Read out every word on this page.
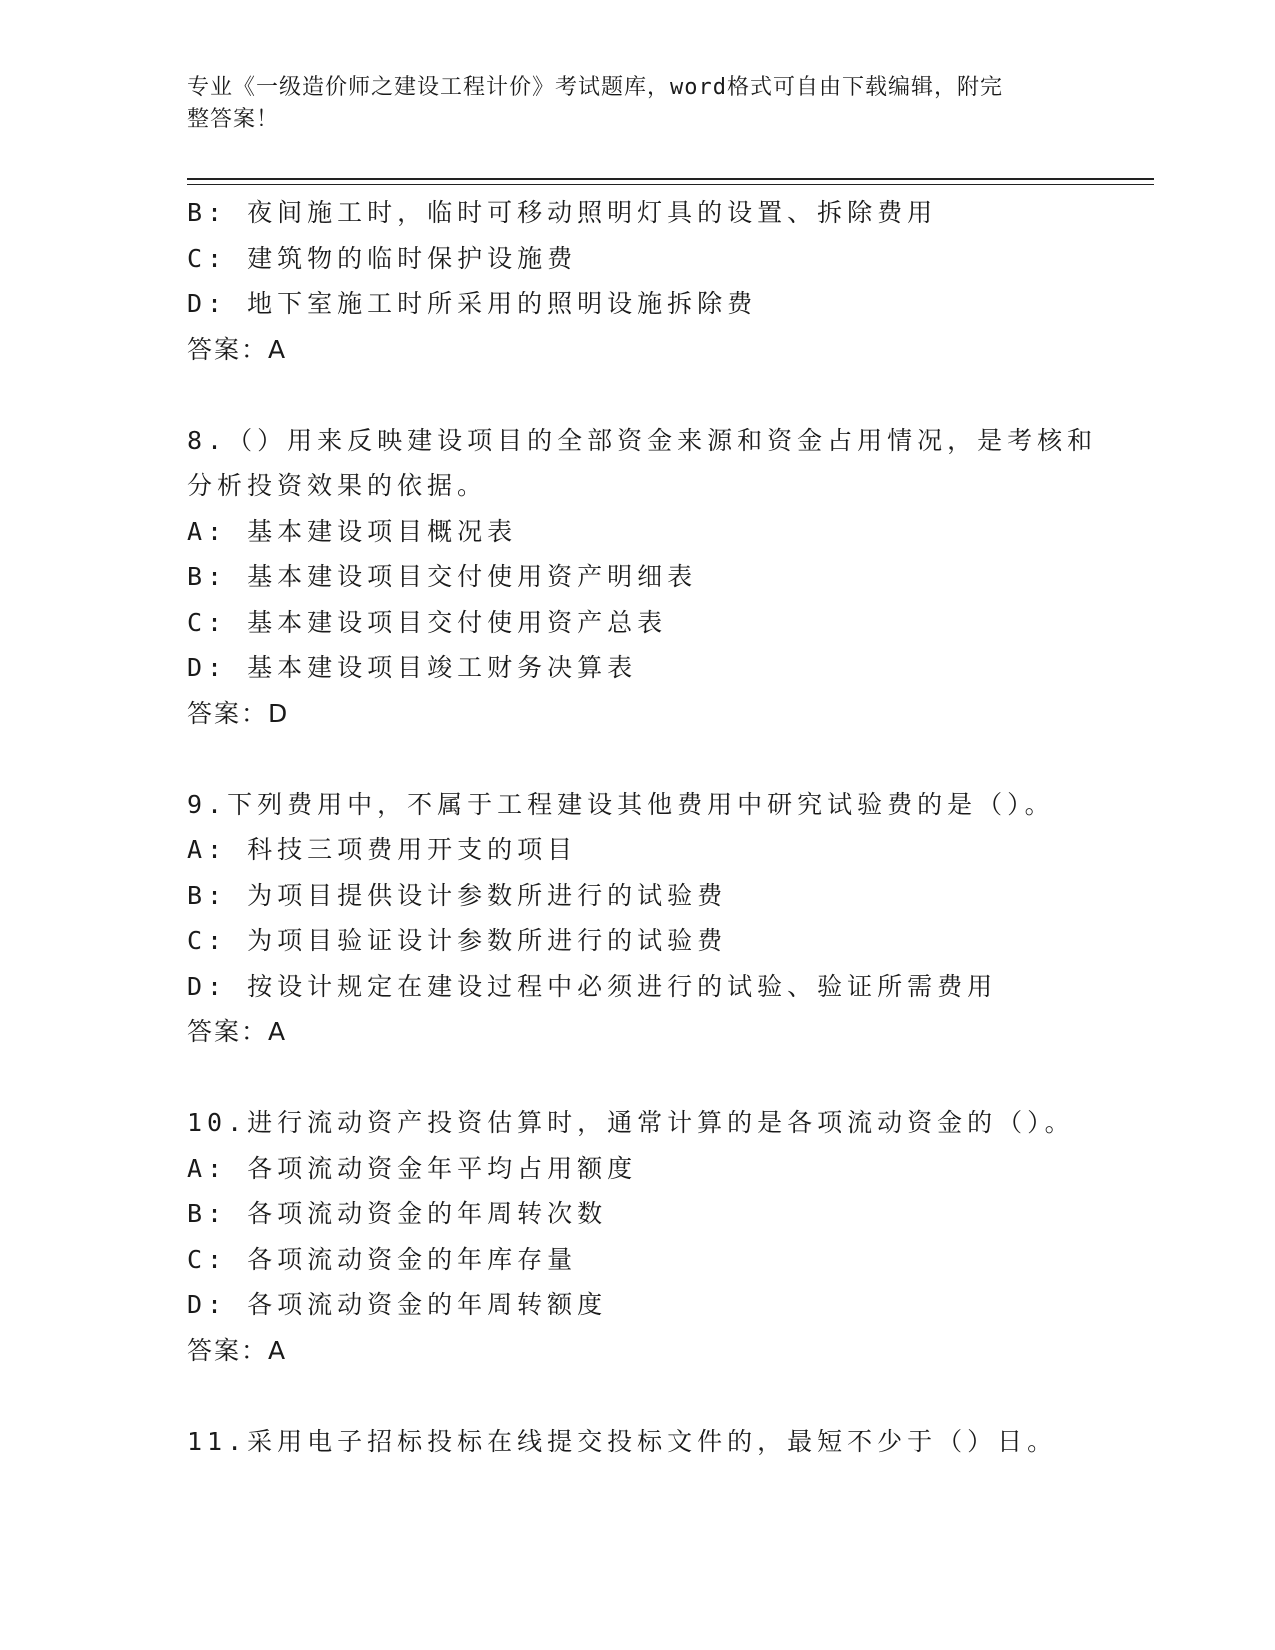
专业《一级造价师之建设工程计价》考试题库，word格式可自由下载编辑，附完
整答案！
B: 夜间施工时，临时可移动照明灯具的设置、拆除费用
C: 建筑物的临时保护设施费
D: 地下室施工时所采用的照明设施拆除费
答案：A
8.（）用来反映建设项目的全部资金来源和资金占用情况，是考核和
分析投资效果的依据。
A: 基本建设项目概况表
B: 基本建设项目交付使用资产明细表
C: 基本建设项目交付使用资产总表
D: 基本建设项目竣工财务决算表
答案：D
9.下列费用中，不属于工程建设其他费用中研究试验费的是（）。
A: 科技三项费用开支的项目
B: 为项目提供设计参数所进行的试验费
C: 为项目验证设计参数所进行的试验费
D: 按设计规定在建设过程中必须进行的试验、验证所需费用
答案：A
10.进行流动资产投资估算时，通常计算的是各项流动资金的（）。
A: 各项流动资金年平均占用额度
B: 各项流动资金的年周转次数
C: 各项流动资金的年库存量
D: 各项流动资金的年周转额度
答案：A
11.采用电子招标投标在线提交投标文件的，最短不少于（）日。
